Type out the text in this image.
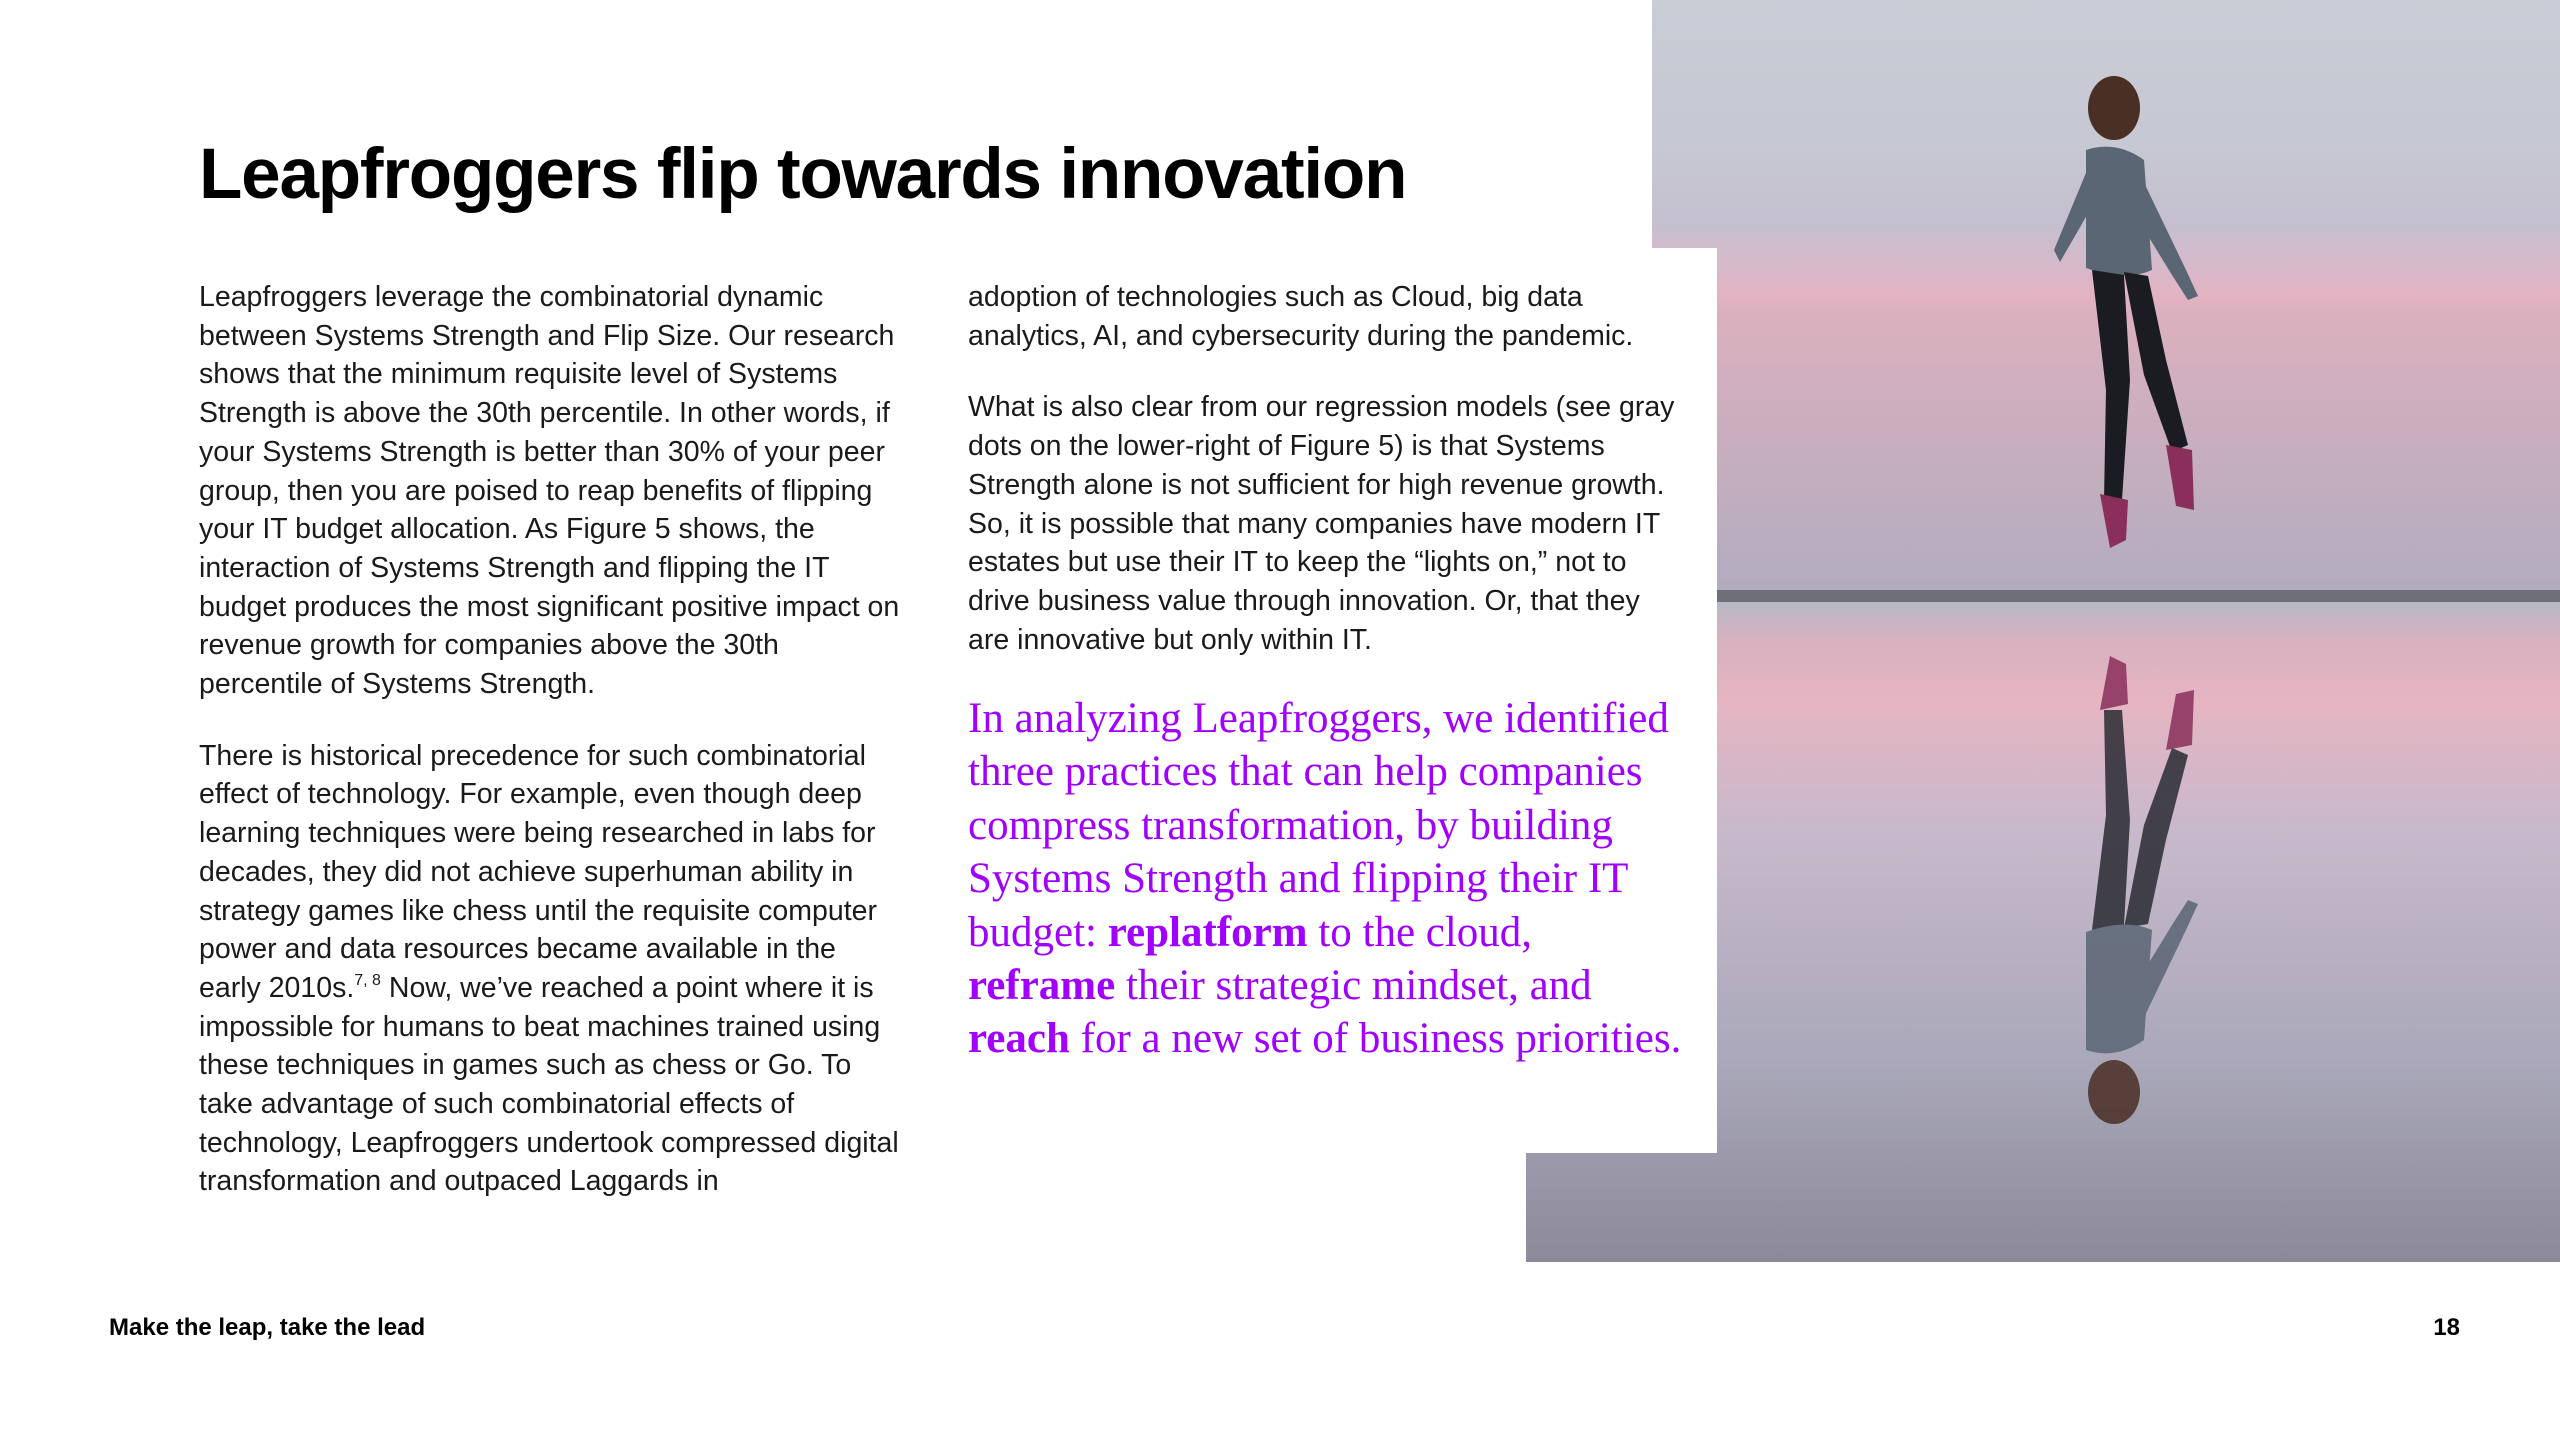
Leapfroggers flip towards innovation

Leapfroggers leverage the combinatorial dynamic between Systems Strength and Flip Size. Our research shows that the minimum requisite level of Systems Strength is above the 30th percentile. In other words, if your Systems Strength is better than 30% of your peer group, then you are poised to reap benefits of flipping your IT budget allocation. As Figure 5 shows, the interaction of Systems Strength and flipping the IT budget produces the most significant positive impact on revenue growth for companies above the 30th percentile of Systems Strength.

There is historical precedence for such combinatorial effect of technology. For example, even though deep learning techniques were being researched in labs for decades, they did not achieve superhuman ability in strategy games like chess until the requisite computer power and data resources became available in the early 2010s.$^{7, 8}$ Now, we’ve reached a point where it is impossible for humans to beat machines trained using these techniques in games such as chess or Go. To take advantage of such combinatorial effects of technology, Leapfroggers undertook compressed digital transformation and outpaced Laggards in

adoption of technologies such as Cloud, big data analytics, AI, and cybersecurity during the pandemic.

What is also clear from our regression models (see gray dots on the lower-right of Figure 5) is that Systems Strength alone is not sufficient for high revenue growth. So, it is possible that many companies have modern IT estates but use their IT to keep the “lights on,” not to drive business value through innovation. Or, that they are innovative but only within IT.

In analyzing Leapfroggers, we identified three practices that can help companies compress transformation, by building Systems Strength and flipping their IT budget: replatform to the cloud, reframe their strategic mindset, and reach for a new set of business priorities.
Make the leap, take the lead	18
